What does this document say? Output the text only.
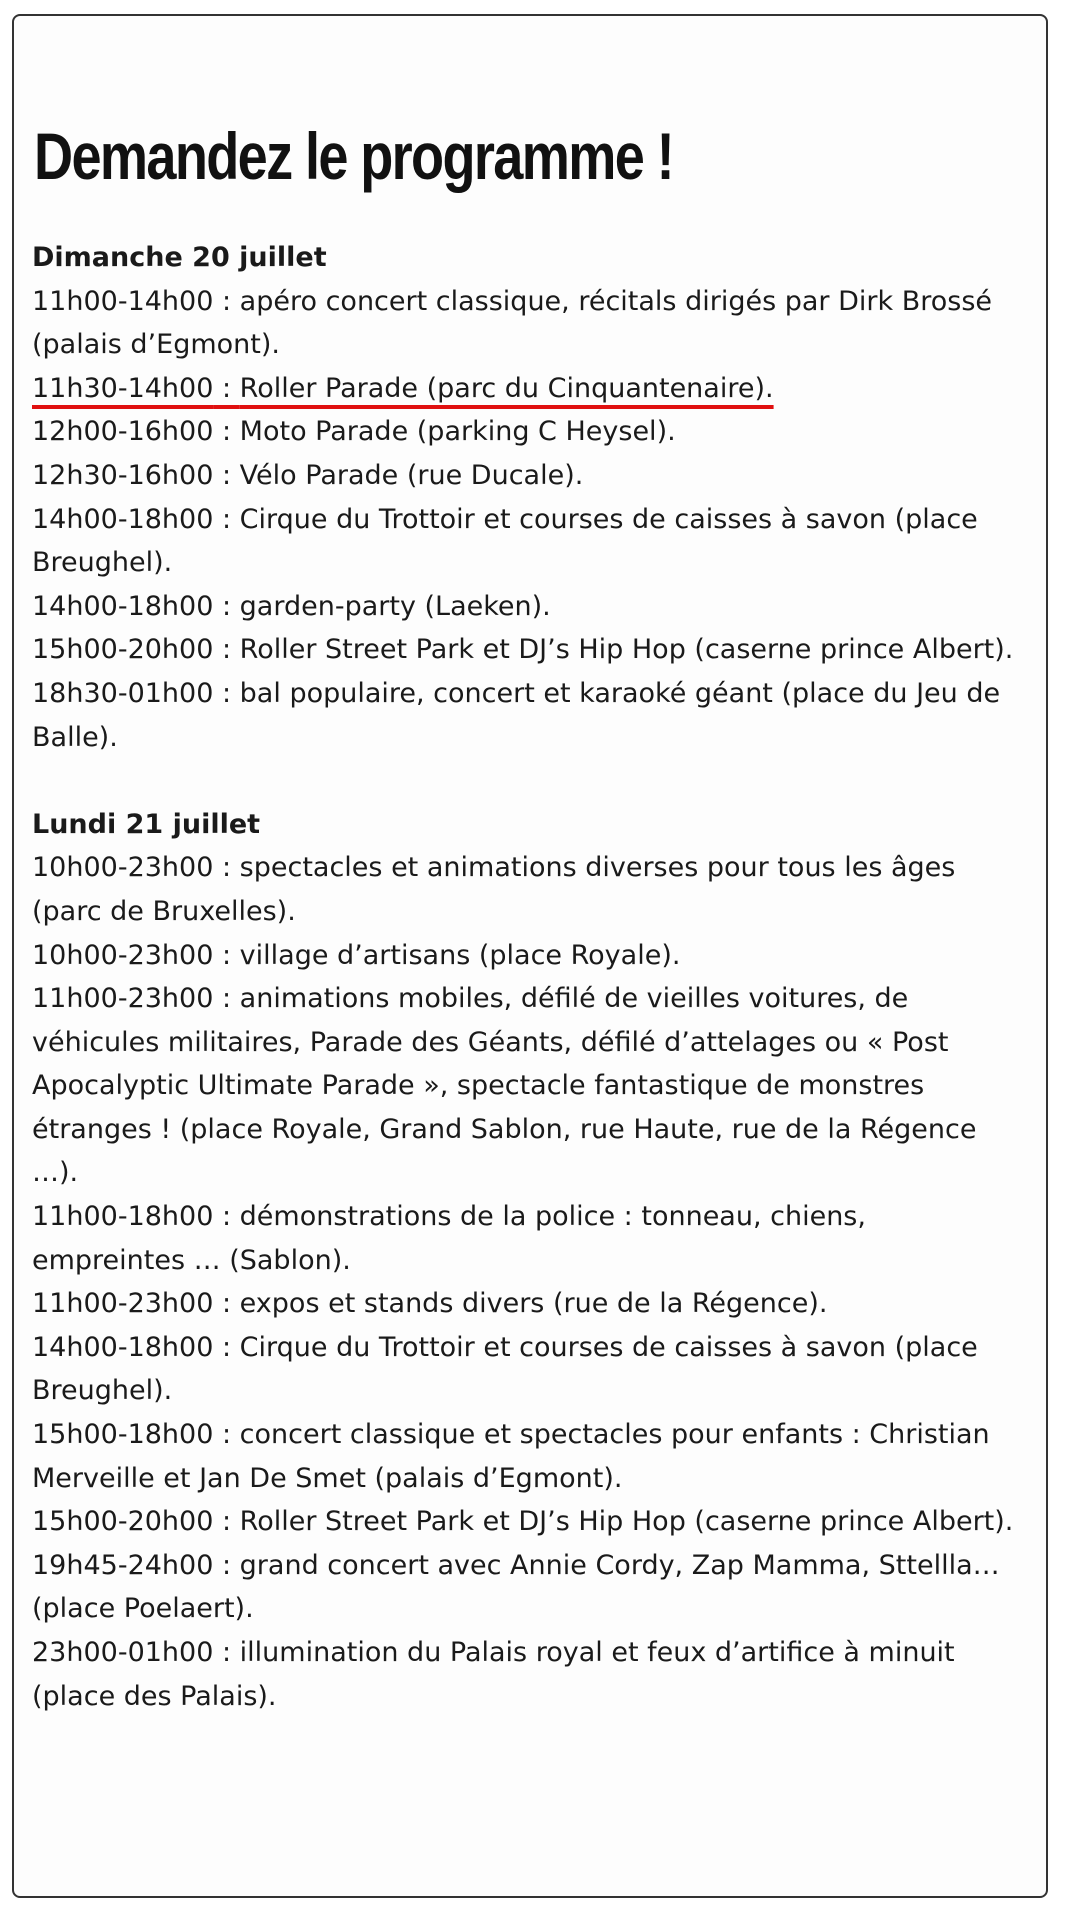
Demandez le programme !
Dimanche 20 juillet

11h00-14h00 : apéro concert classique, récitals dirigés par Dirk Brossé (palais d’Egmont).

11h30-14h00 : Roller Parade (parc du Cinquantenaire).

12h00-16h00 : Moto Parade (parking C Heysel).

12h30-16h00 : Vélo Parade (rue Ducale).

14h00-18h00 : Cirque du Trottoir et courses de caisses à savon (place Breughel).

14h00-18h00 : garden-party (Laeken).

15h00-20h00 : Roller Street Park et DJ’s Hip Hop (caserne prince Albert).

18h30-01h00 : bal populaire, concert et karaoké géant (place du Jeu de Balle).

Lundi 21 juillet

10h00-23h00 : spectacles et animations diverses pour tous les âges (parc de Bruxelles).

10h00-23h00 : village d’artisans (place Royale).

11h00-23h00 : animations mobiles, défilé de vieilles voitures, de véhicules militaires, Parade des Géants, défilé d’attelages ou « Post Apocalyptic Ultimate Parade », spectacle fantastique de monstres étranges ! (place Royale, Grand Sablon, rue Haute, rue de la Régence …).

11h00-18h00 : démonstrations de la police : tonneau, chiens, empreintes … (Sablon).

11h00-23h00 : expos et stands divers (rue de la Régence).

14h00-18h00 : Cirque du Trottoir et courses de caisses à savon (place Breughel).

15h00-18h00 : concert classique et spectacles pour enfants : Christian Merveille et Jan De Smet (palais d’Egmont).

15h00-20h00 : Roller Street Park et DJ’s Hip Hop (caserne prince Albert).

19h45-24h00 : grand concert avec Annie Cordy, Zap Mamma, Sttellla… (place Poelaert).

23h00-01h00 : illumination du Palais royal et feux d’artifice à minuit (place des Palais).
